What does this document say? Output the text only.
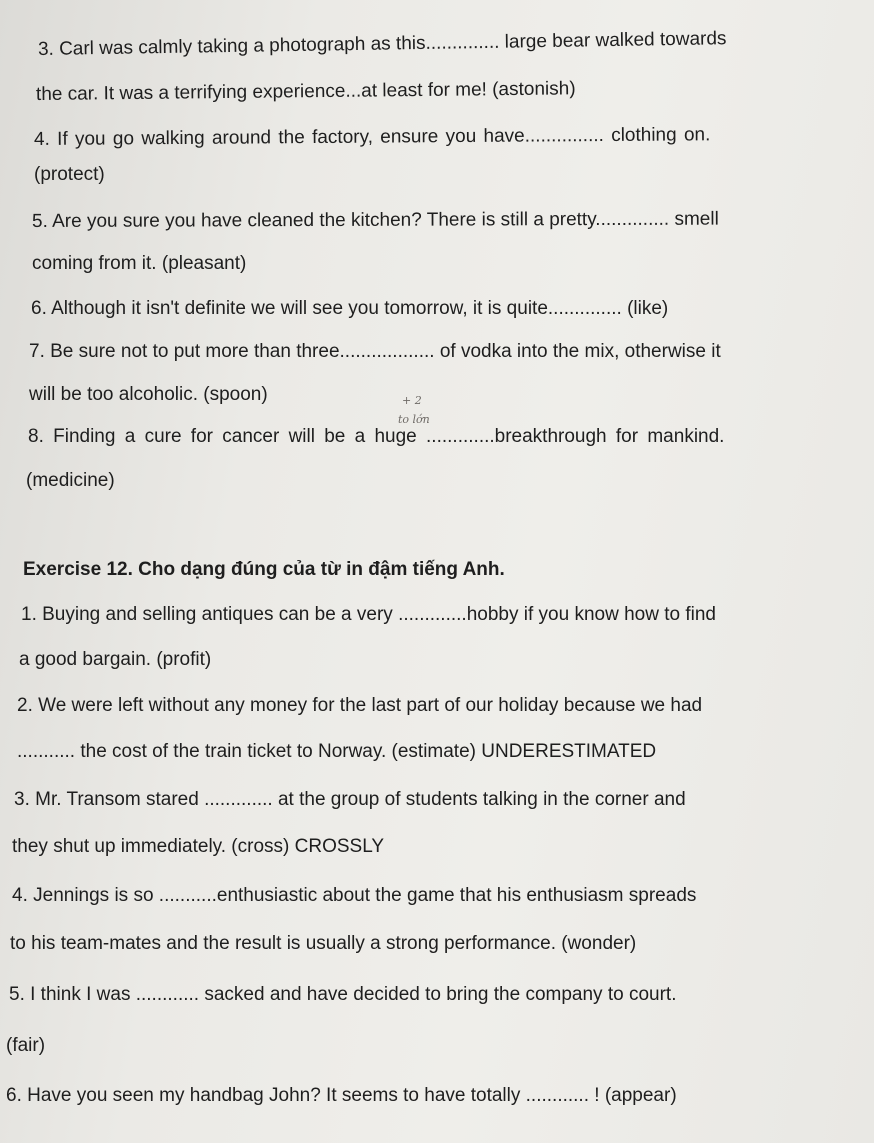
3. Carl was calmly taking a photograph as this.............. large bear walked towards
the car. It was a terrifying experience...at least for me! (astonish)
4. If you go walking around the factory, ensure you have............... clothing on.
(protect)
5. Are you sure you have cleaned the kitchen? There is still a pretty.............. smell
coming from it. (pleasant)
6. Although it isn't definite we will see you tomorrow, it is quite.............. (like)
7. Be sure not to put more than three.................. of vodka into the mix, otherwise it
will be too alcoholic. (spoon)	+ 2
to lớn
8. Finding a cure for cancer will be a huge .............breakthrough for mankind.
(medicine)
Exercise 12. Cho dạng đúng của từ in đậm tiếng Anh.
1. Buying and selling antiques can be a very .............hobby if you know how to find
a good bargain. (profit)
2. We were left without any money for the last part of our holiday because we had
........... the cost of the train ticket to Norway. (estimate) UNDERESTIMATED
3. Mr. Transom stared ............. at the group of students talking in the corner and
they shut up immediately. (cross) CROSSLY
4. Jennings is so ...........enthusiastic about the game that his enthusiasm spreads
to his team-mates and the result is usually a strong performance. (wonder)
5. I think I was ............ sacked and have decided to bring the company to court.
(fair)
6. Have you seen my handbag John? It seems to have totally ............ ! (appear)
